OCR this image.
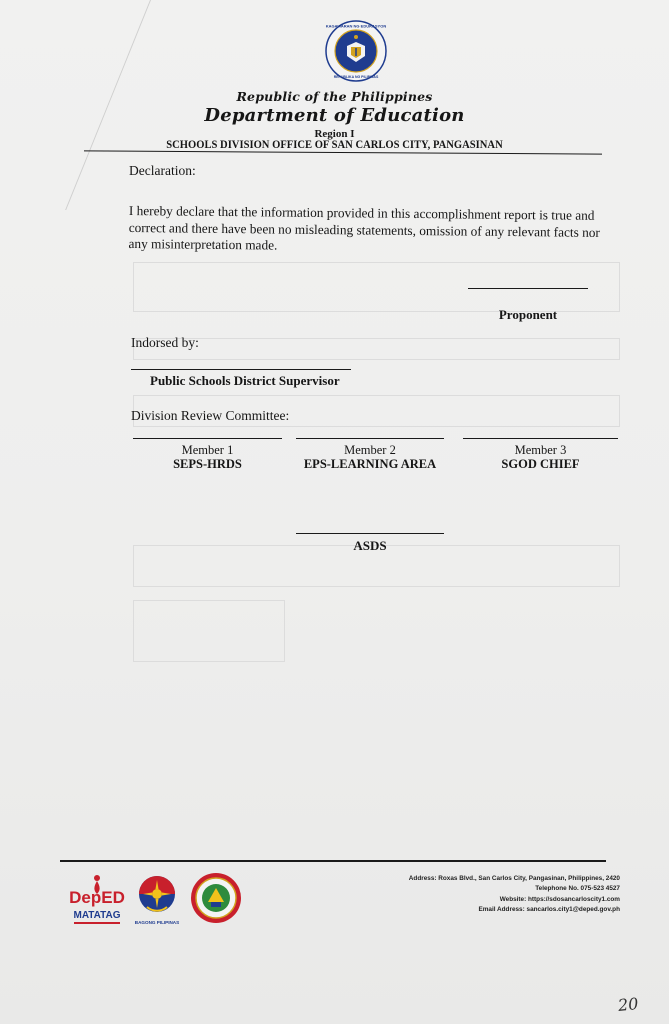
KAGAWARAN NG EDUKASYON
REPUBLIKA NG PILIPINAS
Republic of the Philippines
Department of Education
Region I
SCHOOLS DIVISION OFFICE OF SAN CARLOS CITY, PANGASINAN
Declaration:
I hereby declare that the information provided in this accomplishment report is true and correct and there have been no misleading statements, omission of any relevant facts nor any misinterpretation made.
Proponent
Indorsed by:
Public Schools District Supervisor
Division Review Committee:
Member 1
SEPS-HRDS
Member 2
EPS-LEARNING AREA
Member 3
SGOD CHIEF
ASDS
DepED
MATATAG
BAGONG PILIPINAS
Address: Roxas Blvd., San Carlos City, Pangasinan, Philippines, 2420
Telephone No. 075-523 4527
Website: https://sdosancarloscity1.com
Email Address: sancarlos.city1@deped.gov.ph
20
